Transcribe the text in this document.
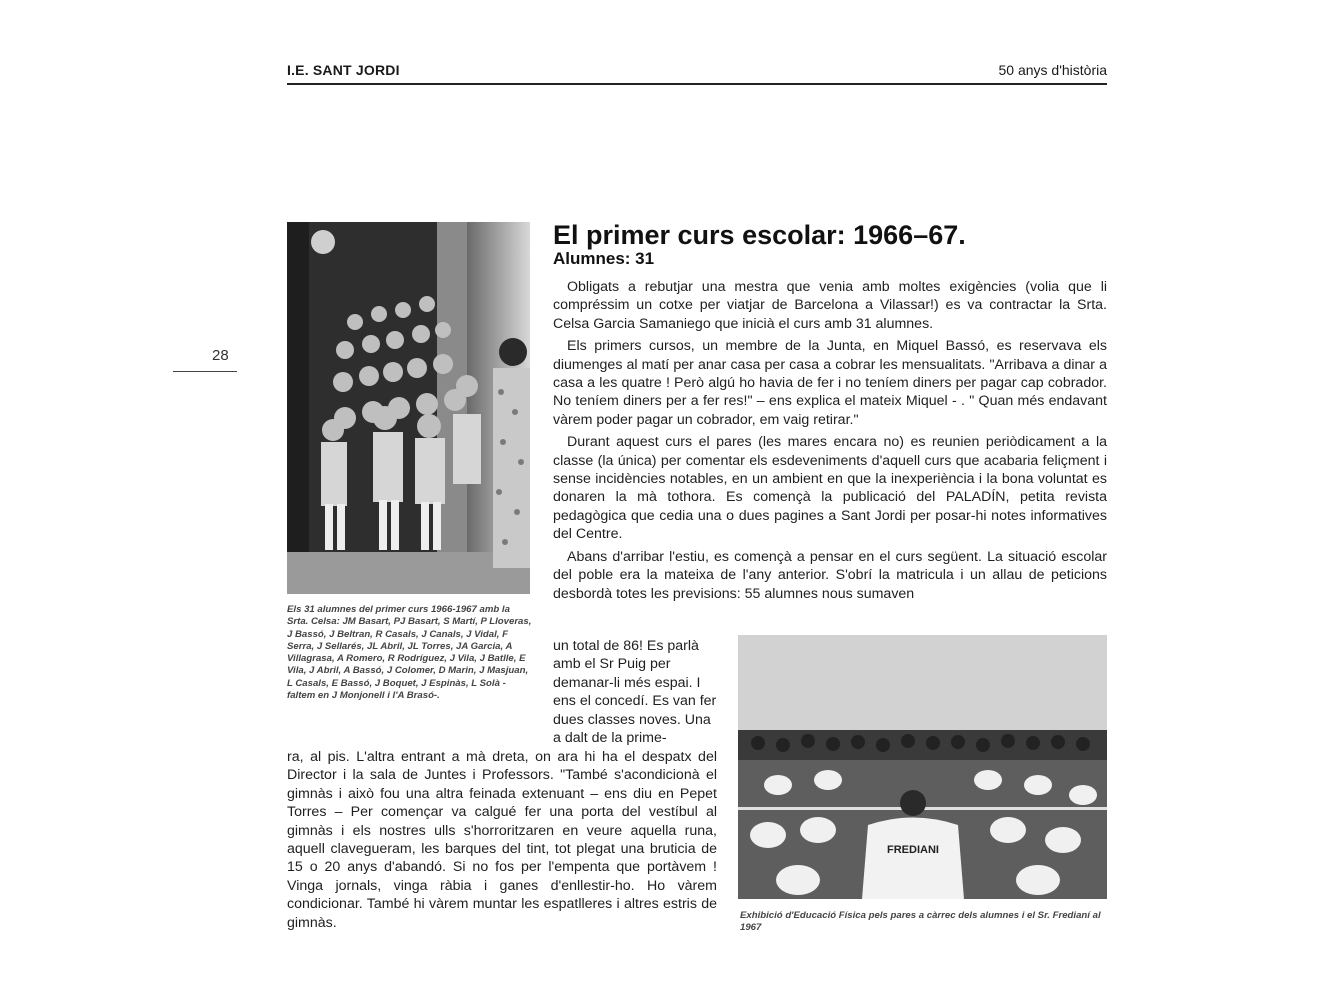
I.E. SANT JORDI	50 anys d'història
28
Els 31 alumnes del primer curs 1966-1967 amb la Srta. Celsa: JM Basart, PJ Basart, S Martí, P Lloveras, J Bassó, J Beltran, R Casals, J Canals, J Vidal, F Serra, J Sellarés, JL Abril, JL Torres, JA Garcia, A Villagrasa, A Romero, R Rodríguez, J Vila, J Batlle, E Vila, J Abril, A Bassó, J Colomer, D Marin, J Masjuan, L Casals, E Bassó, J Boquet, J Espinàs, L Solà -faltem en J Monjonell i l'A Brasó-.
El primer curs escolar: 1966–67.
Alumnes: 31

Obligats a rebutjar una mestra que venia amb moltes exigències (volia que li compréssim un cotxe per viatjar de Barcelona a Vilassar!) es va contractar la Srta. Celsa Garcia Samaniego que inicià el curs amb 31 alumnes.

Els primers cursos, un membre de la Junta, en Miquel Bassó, es reservava els diumenges al matí per anar casa per casa a cobrar les mensualitats. "Arribava a dinar a casa a les quatre ! Però algú ho havia de fer i no teníem diners per pagar cap cobrador. No teníem diners per a fer res!" – ens explica el mateix Miquel - . " Quan més endavant vàrem poder pagar un cobrador, em vaig retirar."

Durant aquest curs el pares (les mares encara no) es reunien periòdicament a la classe (la única) per comentar els esdeveniments d'aquell curs que acabaria feliçment i sense incidències notables, en un ambient en que la inexperiència i la bona voluntat es donaren la mà tothora. Es començà la publicació del PALADÍN, petita revista pedagògica que cedia una o dues pagines a Sant Jordi per posar-hi notes informatives del Centre.

Abans d'arribar l'estiu, es començà a pensar en el curs següent. La situació escolar del poble era la mateixa de l'any anterior. S'obrí la matricula i un allau de peticions desbordà totes les previsions: 55 alumnes nous sumaven

un total de 86! Es parlà amb el Sr Puig per demanar-li més espai. I ens el concedí. Es van fer dues classes noves. Una a dalt de la prime-
FREDIANI
Exhibició d'Educació Física pels pares a càrrec dels alumnes i el Sr. Fredianí al 1967
ra, al pis. L'altra entrant a mà dreta, on ara hi ha el despatx del Director i la sala de Juntes i Professors. "També s'acondicionà el gimnàs i això fou una altra feinada extenuant – ens diu en Pepet Torres – Per començar va calgué fer una porta del vestíbul al gimnàs i els nostres ulls s'horroritzaren en veure aquella runa, aquell clavegueram, les barques del tint, tot plegat una bruticia de 15 o 20 anys d'abandó. Si no fos per l'empenta que portàvem ! Vinga jornals, vinga ràbia i ganes d'enllestir-ho. Ho vàrem condicionar. També hi vàrem muntar les espatlleres i altres estris de gimnàs.
